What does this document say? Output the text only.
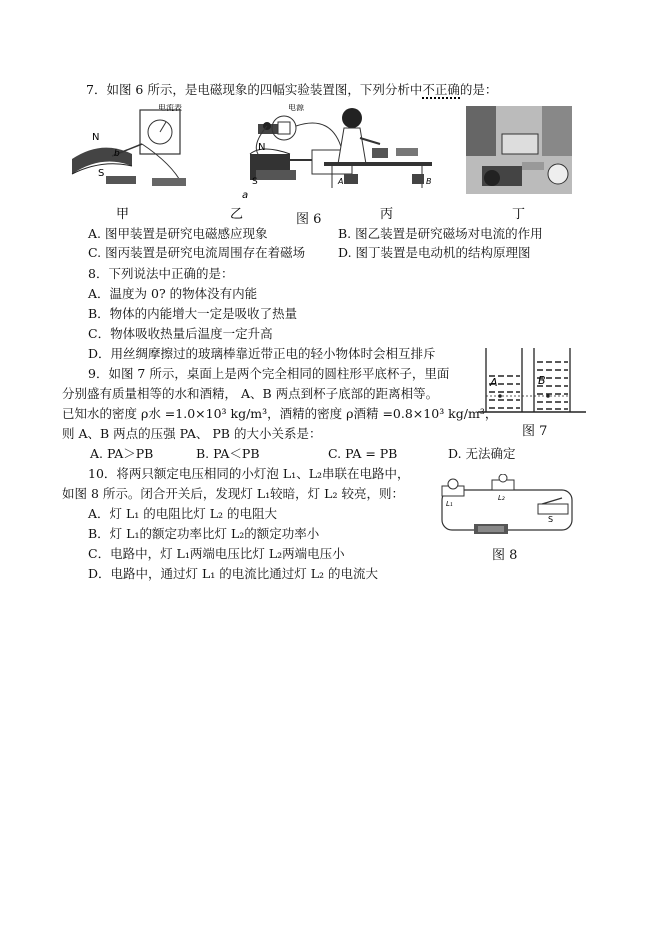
7．如图 6 所示，是电磁现象的四幅实验装置图，下列分析中不正确的是：
电流表
N
S
b
电源
N
a
S	A	B
甲	乙	丙	丁
图 6
A. 图甲装置是研究电磁感应现象	B. 图乙装置是研究磁场对电流的作用
C. 图丙装置是研究电流周围存在着磁场	D. 图丁装置是电动机的结构原理图
8．下列说法中正确的是：
A．温度为 0? 的物体没有内能
B．物体的内能增大一定是吸收了热量
C．物体吸收热量后温度一定升高
D．用丝绸摩擦过的玻璃棒靠近带正电的轻小物体时会相互排斥
9．如图 7 所示，桌面上是两个完全相同的圆柱形平底杯子，里面
分别盛有质量相等的水和酒精， A、B 两点到杯子底部的距离相等。
已知水的密度 ρ水 =1.0×10³ kg/m³，酒精的密度 ρ酒精 =0.8×10³ kg/m³，
则 A、B 两点的压强 PA、 PB 的大小关系是：
A	B
图 7
A. PA＞PB	B. PA＜PB	C. PA = PB	D. 无法确定
10．将两只额定电压相同的小灯泡 L₁、L₂串联在电路中，
如图 8 所示。闭合开关后，发现灯 L₁较暗，灯 L₂ 较亮，则：
L₁
L₂
S
图 8
A．灯 L₁ 的电阻比灯 L₂ 的电阻大
B．灯 L₁的额定功率比灯 L₂的额定功率小
C．电路中，灯 L₁两端电压比灯 L₂两端电压小
D．电路中，通过灯 L₁ 的电流比通过灯 L₂ 的电流大
